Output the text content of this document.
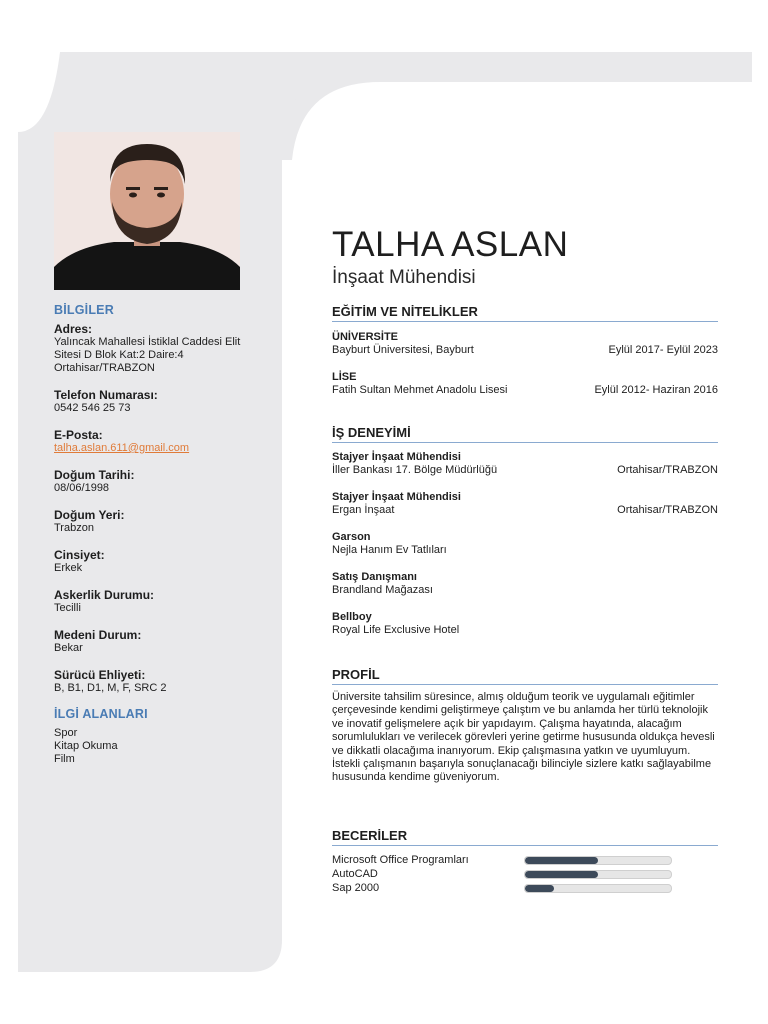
BİLGİLER

Adres:

Yalıncak Mahallesi İstiklal Caddesi Elit
Sitesi D Blok Kat:2 Daire:4
Ortahisar/TRABZON

Telefon Numarası:

0542 546 25 73

E-Posta:

talha.aslan.611@gmail.com

Doğum Tarihi:

08/06/1998

Doğum Yeri:

Trabzon

Cinsiyet:

Erkek

Askerlik Durumu:

Tecilli

Medeni Durum:

Bekar

Sürücü Ehliyeti:

B, B1, D1, M, F, SRC 2

İLGİ ALANLARI

Spor

Kitap Okuma

Film

TALHA ASLAN

İnşaat Mühendisi

EĞİTİM VE NİTELİKLER

ÜNİVERSİTE
Bayburt Üniversitesi, Bayburt	Eylül 2017- Eylül 2023
LİSE
Fatih Sultan Mehmet Anadolu Lisesi	Eylül 2012- Haziran 2016

İŞ DENEYİMİ

Stajyer İnşaat Mühendisi
İller Bankası 17. Bölge Müdürlüğü	Ortahisar/TRABZON
Stajyer İnşaat Mühendisi
Ergan İnşaat	Ortahisar/TRABZON
Garson
Nejla Hanım Ev Tatlıları
Satış Danışmanı
Brandland Mağazası
Bellboy
Royal Life Exclusive Hotel

PROFİL

Üniversite tahsilim süresince, almış olduğum teorik ve uygulamalı eğitimler çerçevesinde kendimi geliştirmeye çalıştım ve bu anlamda her türlü teknolojik ve inovatif gelişmelere açık bir yapıdayım. Çalışma hayatında, alacağım sorumlulukları ve verilecek görevleri yerine getirme hususunda oldukça hevesli ve dikkatli olacağıma inanıyorum. Ekip çalışmasına yatkın ve uyumluyum. İstekli çalışmanın başarıyla sonuçlanacağı bilinciyle sizlere katkı sağlayabilme hususunda kendime güveniyorum.

BECERİLER

Microsoft Office Programları
AutoCAD
Sap 2000
